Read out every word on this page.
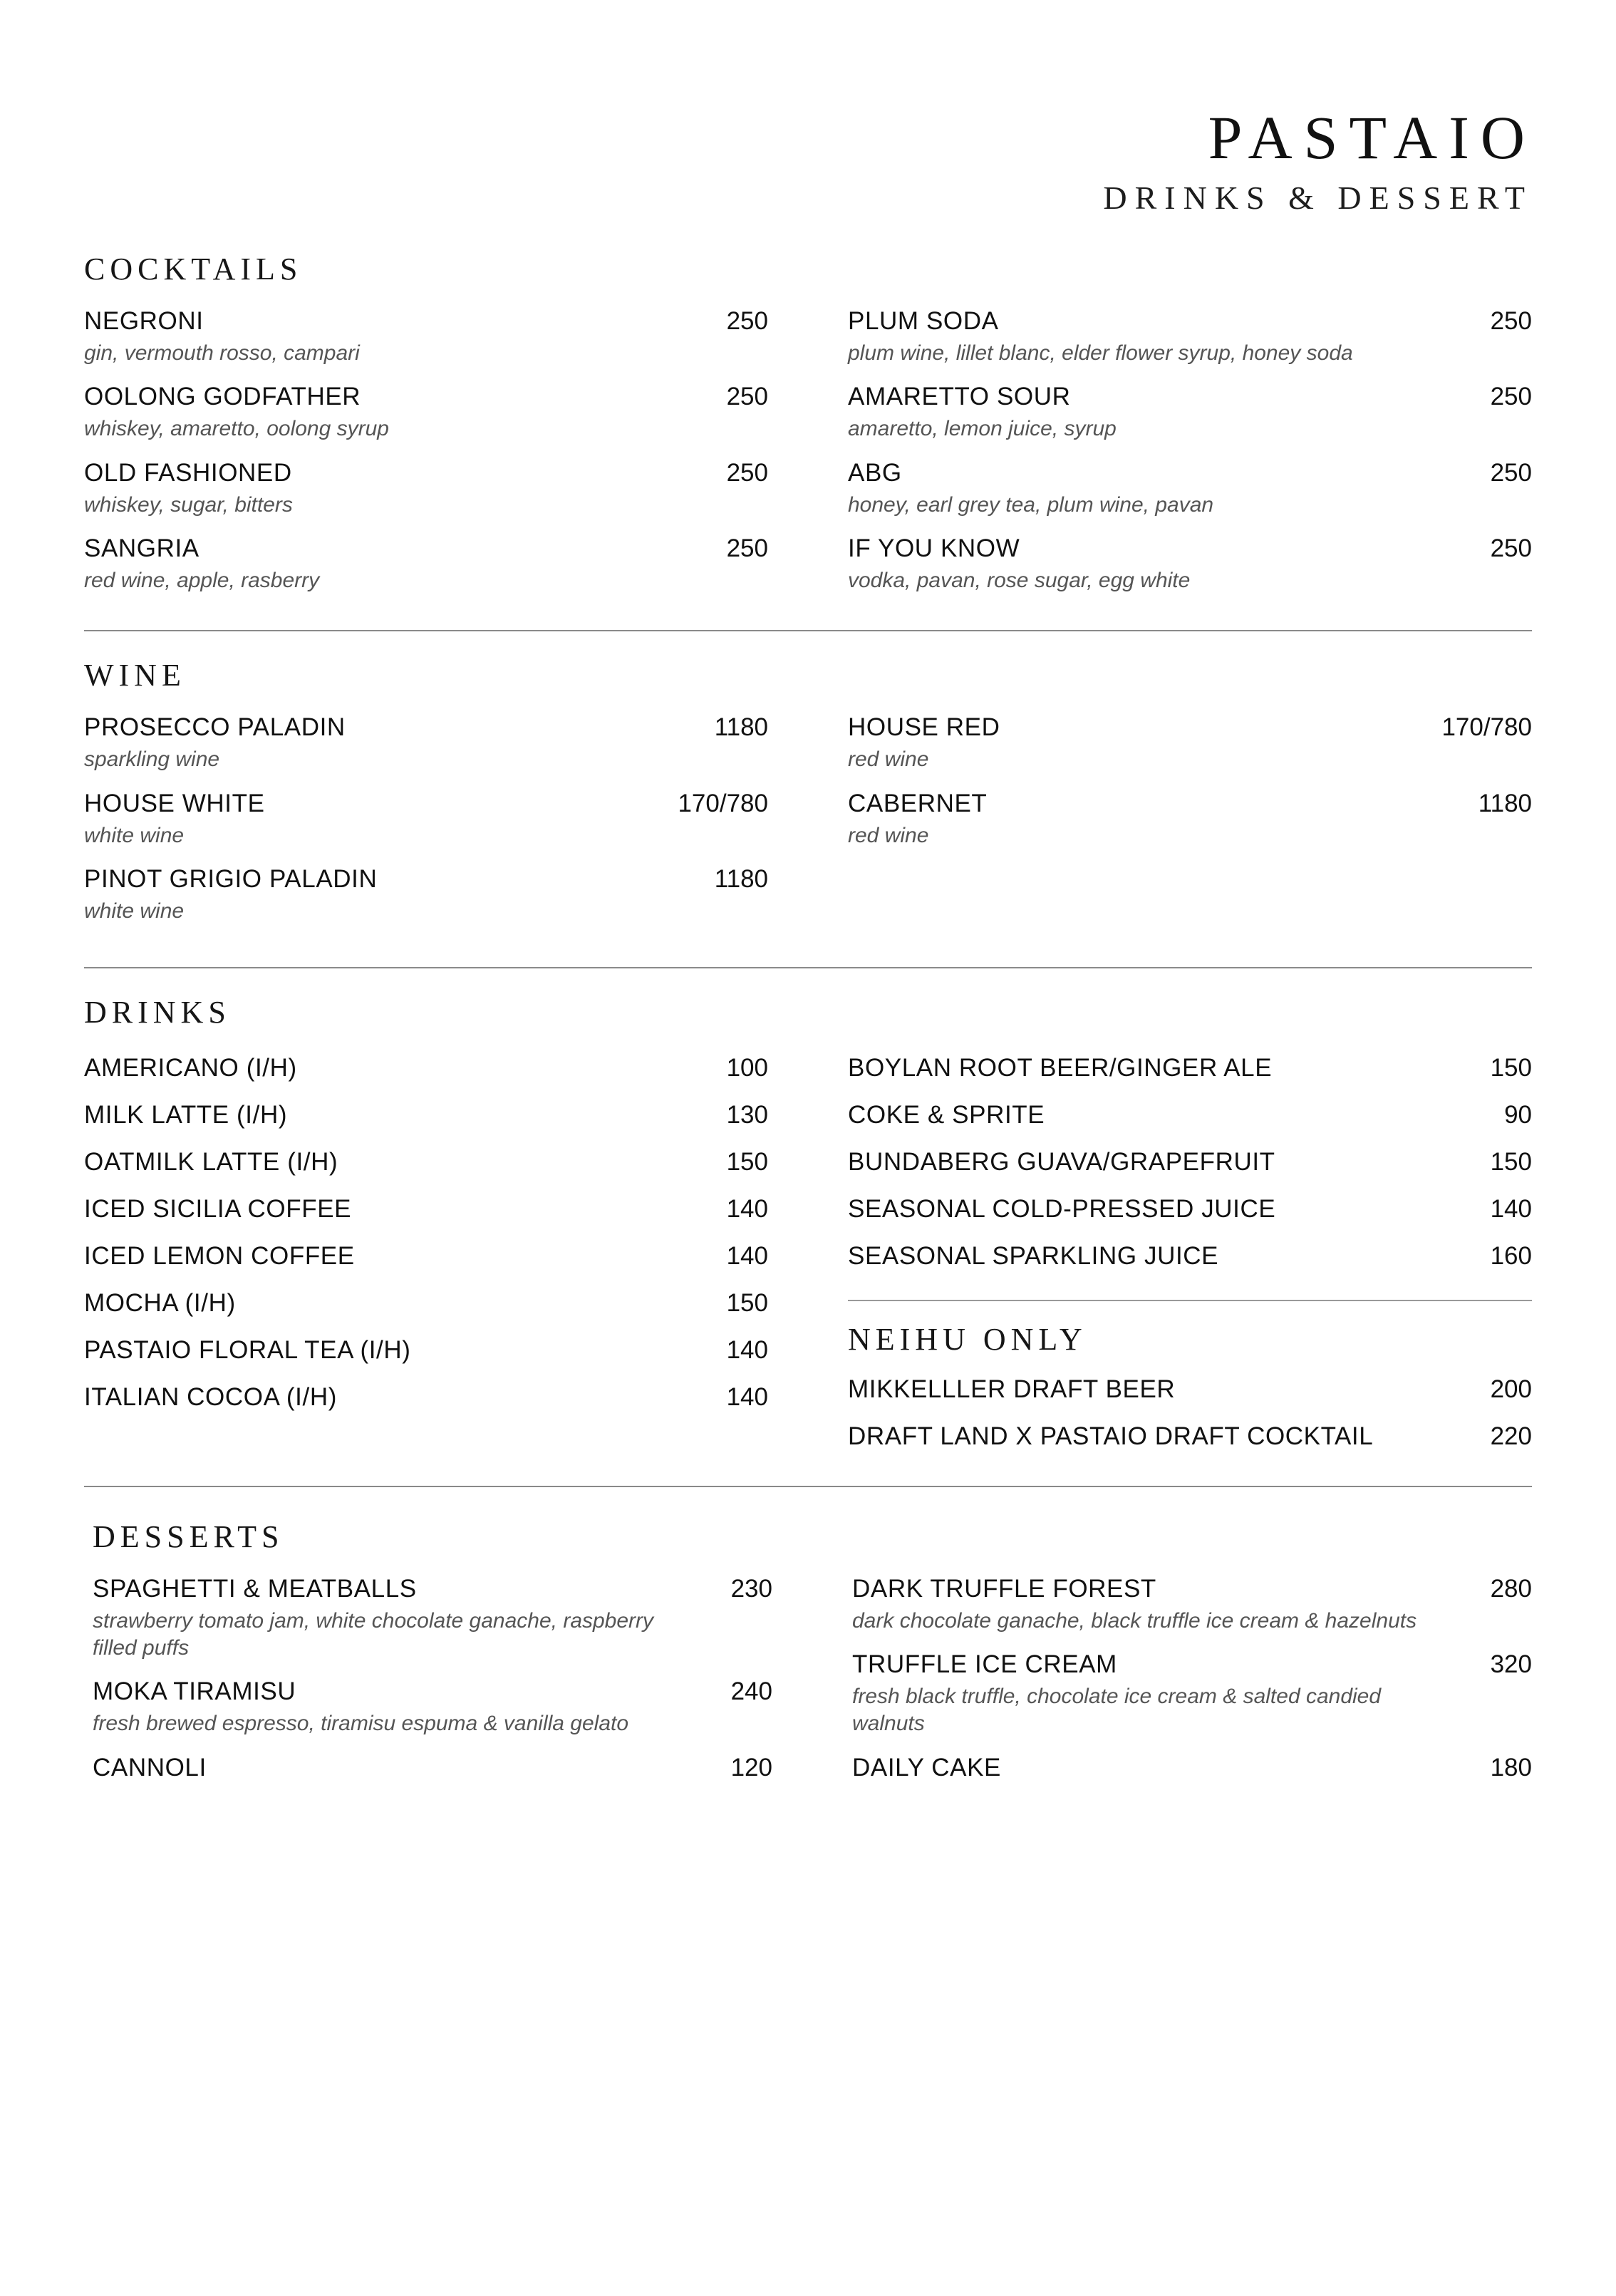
PASTAIO
DRINKS & DESSERT
COCKTAILS
NEGRONI	250
gin, vermouth rosso, campari
OOLONG GODFATHER	250
whiskey, amaretto, oolong syrup
OLD FASHIONED	250
whiskey, sugar, bitters
SANGRIA	250
red wine, apple, rasberry
PLUM SODA	250
plum wine, lillet blanc, elder flower syrup, honey soda
AMARETTO SOUR	250
amaretto, lemon juice, syrup
ABG	250
honey, earl grey tea, plum wine, pavan
IF YOU KNOW	250
vodka, pavan, rose sugar, egg white
WINE
PROSECCO PALADIN	1180
sparkling wine
HOUSE WHITE	170/780
white wine
PINOT GRIGIO PALADIN	1180
white wine
HOUSE RED	170/780
red wine
CABERNET	1180
red wine
DRINKS
AMERICANO (I/H)	100
MILK LATTE (I/H)	130
OATMILK LATTE (I/H)	150
ICED SICILIA COFFEE	140
ICED LEMON COFFEE	140
MOCHA (I/H)	150
PASTAIO FLORAL TEA (I/H)	140
ITALIAN COCOA (I/H)	140
BOYLAN ROOT BEER/GINGER ALE	150
COKE & SPRITE	90
BUNDABERG GUAVA/GRAPEFRUIT	150
SEASONAL COLD-PRESSED JUICE	140
SEASONAL SPARKLING JUICE	160
NEIHU ONLY
MIKKELLLER DRAFT BEER	200
DRAFT LAND X PASTAIO DRAFT COCKTAIL	220
DESSERTS
SPAGHETTI & MEATBALLS	230
strawberry tomato jam, white chocolate ganache, raspberry filled puffs
MOKA TIRAMISU	240
fresh brewed espresso, tiramisu espuma & vanilla gelato
CANNOLI	120
DARK TRUFFLE FOREST	280
dark chocolate ganache, black truffle ice cream & hazelnuts
TRUFFLE ICE CREAM	320
fresh black truffle, chocolate ice cream & salted candied walnuts
DAILY CAKE	180
